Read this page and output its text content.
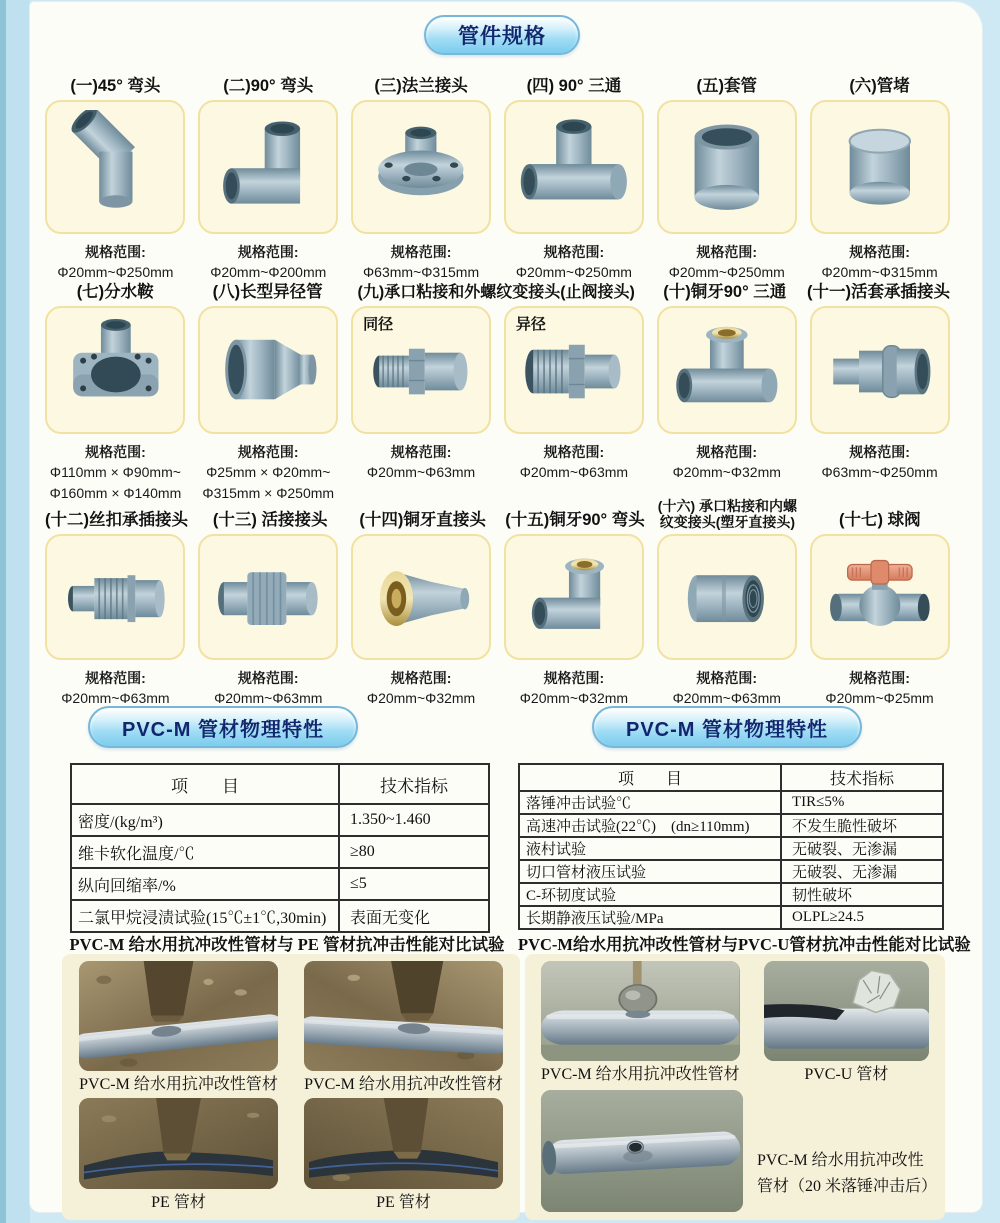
管件规格
(一)45° 弯头	(二)90° 弯头	(三)法兰接头	(四) 90° 三通	(五)套管	(六)管堵
规格范围:
Φ20mm~Φ250mm
规格范围:
Φ20mm~Φ200mm
规格范围:
Φ63mm~Φ315mm
规格范围:
Φ20mm~Φ250mm
规格范围:
Φ20mm~Φ250mm
规格范围:
Φ20mm~Φ315mm
(七)分水鞍	(八)长型异径管 (九)承口粘接和外螺纹变接头(止阀接头) (十)铜牙90° 三通 (十一)活套承插接头
同径	异径
规格范围:
Φ110mm × Φ90mm~
Φ160mm × Φ140mm
规格范围:
Φ25mm × Φ20mm~
Φ315mm × Φ250mm
规格范围:
Φ20mm~Φ63mm
规格范围:
Φ20mm~Φ63mm
规格范围:
Φ20mm~Φ32mm
规格范围:
Φ63mm~Φ250mm
(十二)丝扣承插接头 (十三) 活接接头 (十四)铜牙直接头 (十五)铜牙90° 弯头
(十六) 承口粘接和内螺纹变接头(塑牙直接头)	(十七) 球阀
规格范围:
Φ20mm~Φ63mm
规格范围:
Φ20mm~Φ63mm
规格范围:
Φ20mm~Φ32mm
规格范围:
Φ20mm~Φ32mm
规格范围:
Φ20mm~Φ63mm
规格范围:
Φ20mm~Φ25mm
PVC-M 管材物理特性	PVC-M 管材物理特性
项　　目	技术指标
密度/(kg/m³)	1.350~1.460
维卡软化温度/℃	≥80
纵向回缩率/%	≤5
二氯甲烷浸渍试验(15℃±1℃,30min)	表面无变化
项　　目	技术指标
落锤冲击试验℃	TIR≤5%
高速冲击试验(22℃)　(dn≥110mm)	不发生脆性破坏
液村试验	无破裂、无渗漏
切口管材液压试验	无破裂、无渗漏
C-环韧度试验	韧性破坏
长期静液压试验/MPa	OLPL≥24.5
PVC-M 给水用抗冲改性管材与 PE 管材抗冲击性能对比试验 PVC-M给水用抗冲改性管材与PVC-U管材抗冲击性能对比试验
PVC-M 给水用抗冲改性管材
PE 管材
PVC-M 给水用抗冲改性管材
PE 管材
PVC-M 给水用抗冲改性管材	PVC-U 管材
PVC-M 给水用抗冲改性
管材（20 米落锤冲击后）
